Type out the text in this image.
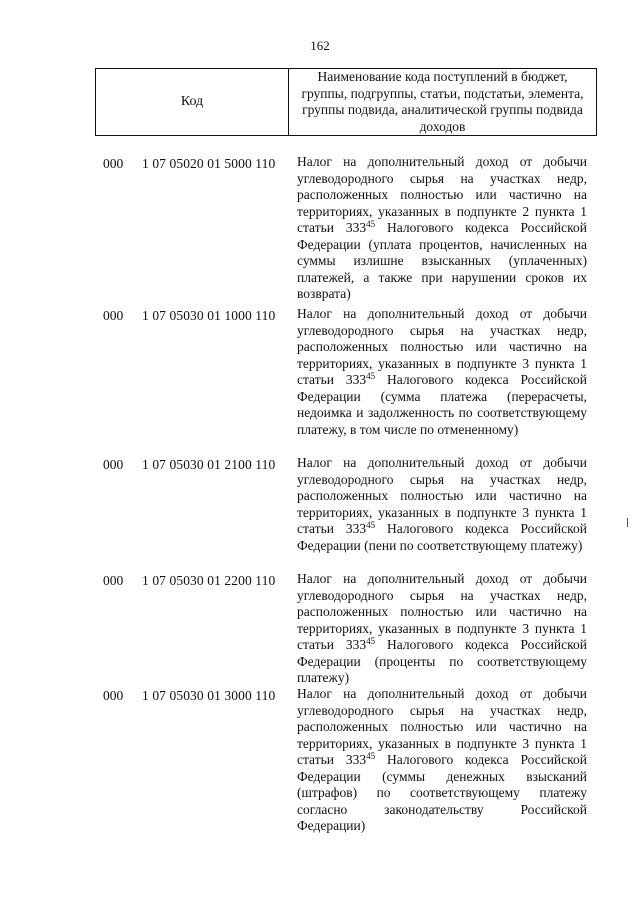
162
Код
Наименование кода поступлений в бюджет, группы, подгруппы, статьи, подстатьи, элемента, группы подвида, аналитической группы подвида доходов
000 1 07 05020 01 5000 110 Налог на дополнительный доход от добычи углеводородного сырья на участках недр, расположенных полностью или частично на территориях, указанных в подпункте 2 пункта 1 статьи $333^{45}$ Налогового кодекса Российской Федерации (уплата процентов, начисленных на суммы излишне взысканных (уплаченных) платежей, а также при нарушении сроков их возврата)
000 1 07 05030 01 1000 110 Налог на дополнительный доход от добычи углеводородного сырья на участках недр, расположенных полностью или частично на территориях, указанных в подпункте 3 пункта 1 статьи $333^{45}$ Налогового кодекса Российской Федерации (сумма платежа (перерасчеты, недоимка и задолженность по соответствующему платежу, в том числе по отмененному)
000 1 07 05030 01 2100 110 Налог на дополнительный доход от добычи углеводородного сырья на участках недр, расположенных полностью или частично на территориях, указанных в подпункте 3 пункта 1 статьи $333^{45}$ Налогового кодекса Российской Федерации (пени по соответствующему платежу)
000 1 07 05030 01 2200 110 Налог на дополнительный доход от добычи углеводородного сырья на участках недр, расположенных полностью или частично на территориях, указанных в подпункте 3 пункта 1 статьи $333^{45}$ Налогового кодекса Российской Федерации (проценты по соответствующему платежу)
000 1 07 05030 01 3000 110 Налог на дополнительный доход от добычи углеводородного сырья на участках недр, расположенных полностью или частично на территориях, указанных в подпункте 3 пункта 1 статьи $333^{45}$ Налогового кодекса Российской Федерации (суммы денежных взысканий (штрафов) по соответствующему платежу согласно законодательству Российской Федерации)
